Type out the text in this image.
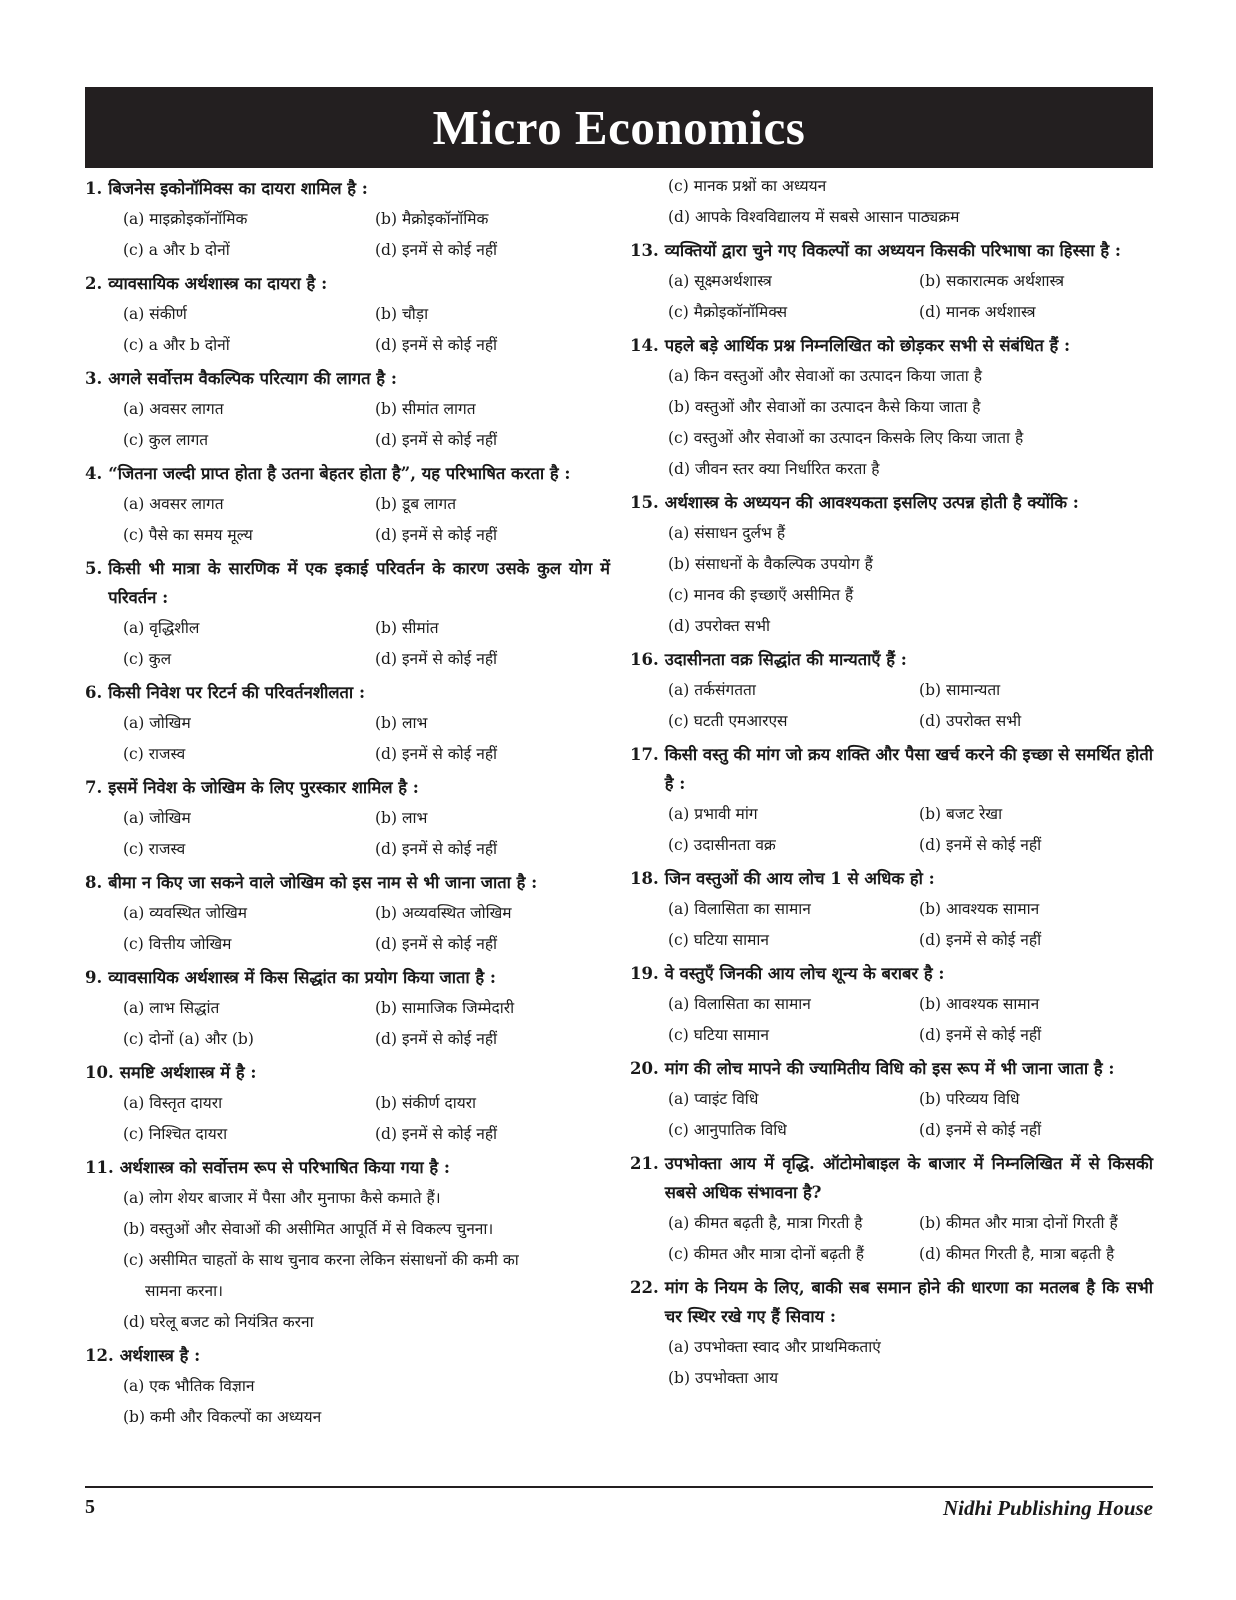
Micro Economics
1. बिजनेस इकोनॉमिक्स का दायरा शामिल है :
(a) माइक्रोइकॉनॉमिक	(b) मैक्रोइकॉनॉमिक
(c) a और b दोनों	(d) इनमें से कोई नहीं
2. व्यावसायिक अर्थशास्त्र का दायरा है :
(a) संकीर्ण	(b) चौड़ा
(c) a और b दोनों	(d) इनमें से कोई नहीं
3. अगले सर्वोत्तम वैकल्पिक परित्याग की लागत है :
(a) अवसर लागत	(b) सीमांत लागत
(c) कुल लागत	(d) इनमें से कोई नहीं
4. “जितना जल्दी प्राप्त होता है उतना बेहतर होता है”, यह परिभाषित करता है :
(a) अवसर लागत	(b) डूब लागत
(c) पैसे का समय मूल्य	(d) इनमें से कोई नहीं
5. किसी भी मात्रा के सारणिक में एक इकाई परिवर्तन के कारण उसके कुल योग में परिवर्तन :
(a) वृद्धिशील	(b) सीमांत
(c) कुल	(d) इनमें से कोई नहीं
6. किसी निवेश पर रिटर्न की परिवर्तनशीलता :
(a) जोखिम	(b) लाभ
(c) राजस्व	(d) इनमें से कोई नहीं
7. इसमें निवेश के जोखिम के लिए पुरस्कार शामिल है :
(a) जोखिम	(b) लाभ
(c) राजस्व	(d) इनमें से कोई नहीं
8. बीमा न किए जा सकने वाले जोखिम को इस नाम से भी जाना जाता है :
(a) व्यवस्थित जोखिम	(b) अव्यवस्थित जोखिम
(c) वित्तीय जोखिम	(d) इनमें से कोई नहीं
9. व्यावसायिक अर्थशास्त्र में किस सिद्धांत का प्रयोग किया जाता है :
(a) लाभ सिद्धांत	(b) सामाजिक जिम्मेदारी
(c) दोनों (a) और (b)	(d) इनमें से कोई नहीं
10. समष्टि अर्थशास्त्र में है :
(a) विस्तृत दायरा	(b) संकीर्ण दायरा
(c) निश्चित दायरा	(d) इनमें से कोई नहीं
11. अर्थशास्त्र को सर्वोत्तम रूप से परिभाषित किया गया है :
(a) लोग शेयर बाजार में पैसा और मुनाफा कैसे कमाते हैं।
(b) वस्तुओं और सेवाओं की असीमित आपूर्ति में से विकल्प चुनना।
(c) असीमित चाहतों के साथ चुनाव करना लेकिन संसाधनों की कमी का
सामना करना।
(d) घरेलू बजट को नियंत्रित करना
12. अर्थशास्त्र है :
(a) एक भौतिक विज्ञान
(b) कमी और विकल्पों का अध्ययन
(c) मानक प्रश्नों का अध्ययन
(d) आपके विश्वविद्यालय में सबसे आसान पाठ्यक्रम
13. व्यक्तियों द्वारा चुने गए विकल्पों का अध्ययन किसकी परिभाषा का हिस्सा है :
(a) सूक्ष्मअर्थशास्त्र	(b) सकारात्मक अर्थशास्त्र
(c) मैक्रोइकॉनॉमिक्स	(d) मानक अर्थशास्त्र
14. पहले बड़े आर्थिक प्रश्न निम्नलिखित को छोड़कर सभी से संबंधित हैं :
(a) किन वस्तुओं और सेवाओं का उत्पादन किया जाता है
(b) वस्तुओं और सेवाओं का उत्पादन कैसे किया जाता है
(c) वस्तुओं और सेवाओं का उत्पादन किसके लिए किया जाता है
(d) जीवन स्तर क्या निर्धारित करता है
15. अर्थशास्त्र के अध्ययन की आवश्यकता इसलिए उत्पन्न होती है क्योंकि :
(a) संसाधन दुर्लभ हैं
(b) संसाधनों के वैकल्पिक उपयोग हैं
(c) मानव की इच्छाएँ असीमित हैं
(d) उपरोक्त सभी
16. उदासीनता वक्र सिद्धांत की मान्यताएँ हैं :
(a) तर्कसंगतता	(b) सामान्यता
(c) घटती एमआरएस	(d) उपरोक्त सभी
17. किसी वस्तु की मांग जो क्रय शक्ति और पैसा खर्च करने की इच्छा से समर्थित होती है :
(a) प्रभावी मांग	(b) बजट रेखा
(c) उदासीनता वक्र	(d) इनमें से कोई नहीं
18. जिन वस्तुओं की आय लोच 1 से अधिक हो :
(a) विलासिता का सामान	(b) आवश्यक सामान
(c) घटिया सामान	(d) इनमें से कोई नहीं
19. वे वस्तुएँ जिनकी आय लोच शून्य के बराबर है :
(a) विलासिता का सामान	(b) आवश्यक सामान
(c) घटिया सामान	(d) इनमें से कोई नहीं
20. मांग की लोच मापने की ज्यामितीय विधि को इस रूप में भी जाना जाता है :
(a) प्वाइंट विधि	(b) परिव्यय विधि
(c) आनुपातिक विधि	(d) इनमें से कोई नहीं
21. उपभोक्ता आय में वृद्धि. ऑटोमोबाइल के बाजार में निम्नलिखित में से किसकी सबसे अधिक संभावना है?
(a) कीमत बढ़ती है, मात्रा गिरती है	(b) कीमत और मात्रा दोनों गिरती हैं
(c) कीमत और मात्रा दोनों बढ़ती हैं	(d) कीमत गिरती है, मात्रा बढ़ती है
22. मांग के नियम के लिए, बाकी सब समान होने की धारणा का मतलब है कि सभी चर स्थिर रखे गए हैं सिवाय :
(a) उपभोक्ता स्वाद और प्राथमिकताएं
(b) उपभोक्ता आय
5	Nidhi Publishing House
